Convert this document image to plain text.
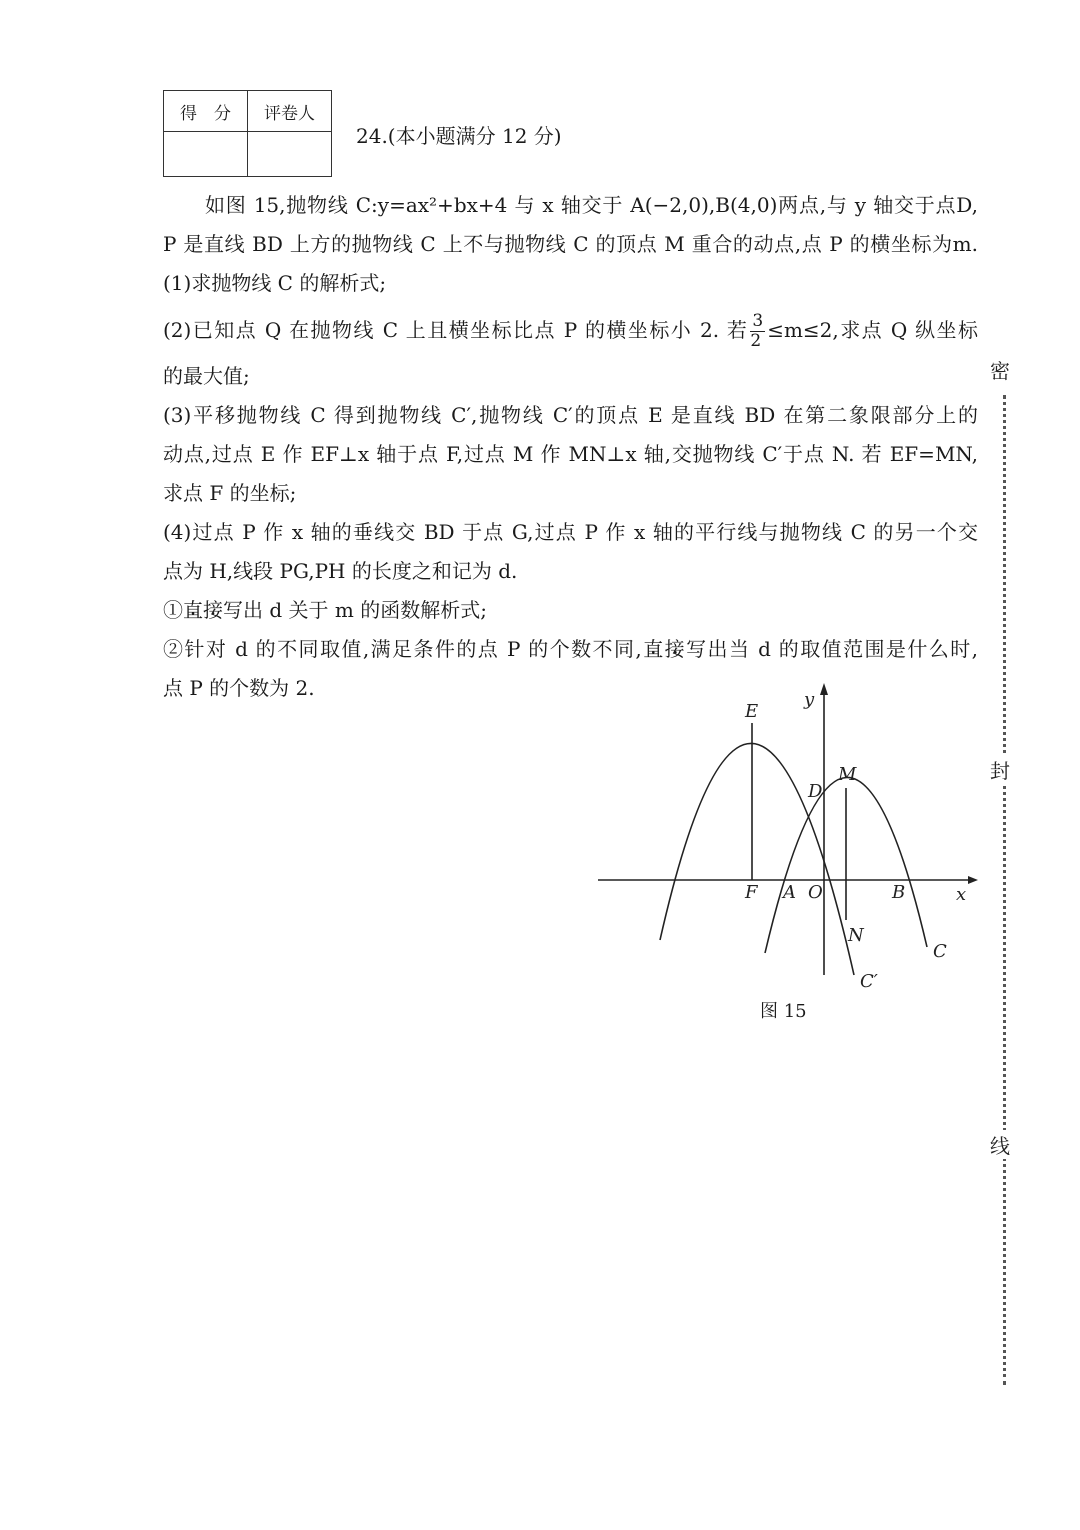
得　分	评卷人

24.(本小题满分 12 分)

如图 15,抛物线 C:y=ax²+bx+4 与 x 轴交于 A(−2,0),B(4,0)两点,与 y 轴交于点D,

P 是直线 BD 上方的抛物线 C 上不与抛物线 C 的顶点 M 重合的动点,点 P 的横坐标为m.

(1)求抛物线 C 的解析式;

(2)已知点 Q 在抛物线 C 上且横坐标比点 P 的横坐标小 2. 若 $\frac{3}{2} \le m\le 2$,求点 Q 纵坐标

的最大值;

(3)平移抛物线 C 得到抛物线 C′,抛物线 C′的顶点 E 是直线 BD 在第二象限部分上的

动点,过点 E 作 EF⊥x 轴于点 F,过点 M 作 MN⊥x 轴,交抛物线 C′于点 N. 若 EF=MN,

求点 F 的坐标;

(4)过点 P 作 x 轴的垂线交 BD 于点 G,过点 P 作 x 轴的平行线与抛物线 C 的另一个交

点为 H,线段 PG,PH 的长度之和记为 d.

①直 •接 •写出 d 关于 m 的函数解析式;

②针对 d 的不同取值,满足条件的点 P 的个数不同,直 •接 •写出当 d 的取值范围是什么时,

点 P 的个数为 2.

E
M
D
F A O	B
N
C
C′
x
y
图 15
密
封
线
